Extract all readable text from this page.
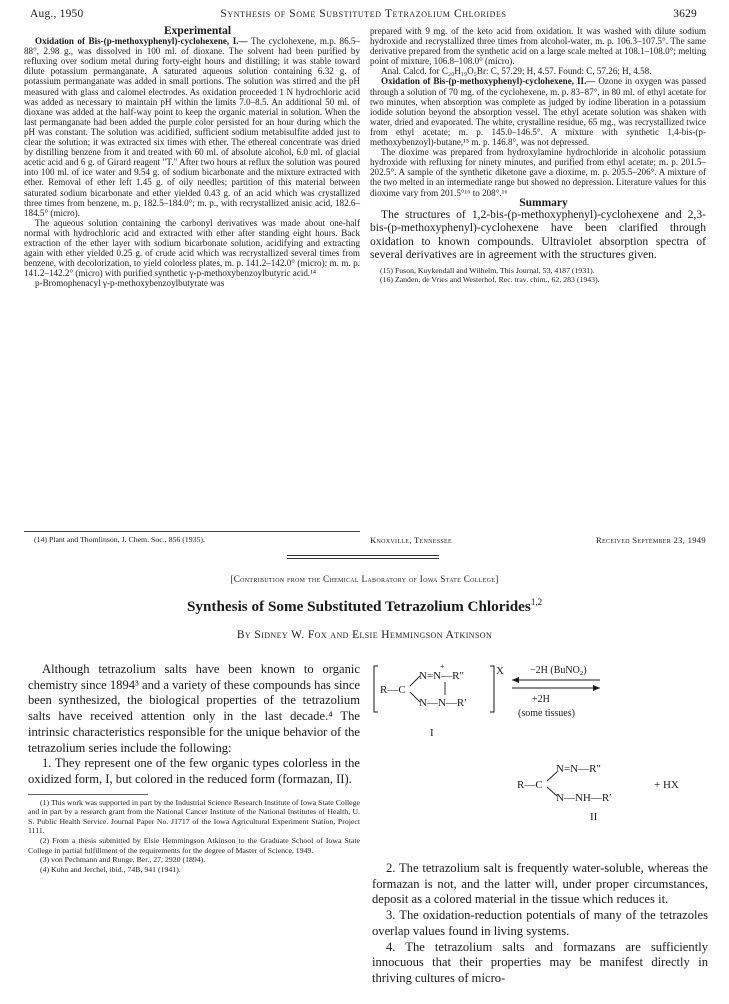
Aug., 1950	Synthesis of Some Substituted Tetrazolium Chlorides	3629

Experimental

Oxidation of Bis-(p-methoxyphenyl)-cyclohexene, I.— The cyclohexene, m.p. 86.5–88°, 2.98 g., was dissolved in 100 ml. of dioxane. The solvent had been purified by refluxing over sodium metal during forty-eight hours and distilling; it was stable toward dilute potassium permanganate. A saturated aqueous solution containing 6.32 g. of potassium permanganate was added in small portions. The solution was stirred and the pH measured with glass and calomel electrodes. As oxidation proceeded 1 N hydrochloric acid was added as necessary to maintain pH within the limits 7.0–8.5. An additional 50 ml. of dioxane was added at the half-way point to keep the organic material in solution. When the last permanganate had been added the purple color persisted for an hour during which the pH was constant. The solution was acidified, sufficient sodium metabisulfite added just to clear the solution; it was extracted six times with ether. The ethereal concentrate was dried by distilling benzene from it and treated with 60 ml. of absolute alcohol, 6.0 ml. of glacial acetic acid and 6 g. of Girard reagent "T." After two hours at reflux the solution was poured into 100 ml. of ice water and 9.54 g. of sodium bicarbonate and the mixture extracted with ether. Removal of ether left 1.45 g. of oily needles; partition of this material between saturated sodium bicarbonate and ether yielded 0.43 g. of an acid which was crystallized three times from benzene, m. p. 182.5–184.0°; m. p., with recrystallized anisic acid, 182.6–184.5° (micro).

The aqueous solution containing the carbonyl derivatives was made about one-half normal with hydrochloric acid and extracted with ether after standing eight hours. Back extraction of the ether layer with sodium bicarbonate solution, acidifying and extracting again with ether yielded 0.25 g. of crude acid which was recrystallized several times from benzene, with decolorization, to yield colorless plates, m. p. 141.2–142.0° (micro): m. m. p. 141.2–142.2° (micro) with purified synthetic γ-p-methoxybenzoylbutyric acid.¹⁴

p-Bromophenacyl γ-p-methoxybenzoylbutyrate was

(14) Plant and Thomlinson, J. Chem. Soc., 856 (1935).

prepared with 9 mg. of the keto acid from oxidation. It was washed with dilute sodium hydroxide and recrystallized three times from alcohol-water, m. p. 106.3–107.5°. The same derivative prepared from the synthetic acid on a large scale melted at 108.1–108.0°; melting point of mixture, 106.8–108.0° (micro).

Anal. Calcd. for C₂₀H₁₉O₅Br: C, 57.29; H, 4.57. Found: C, 57.26; H, 4.58.

Oxidation of Bis-(p-methoxyphenyl)-cyclohexene, II.— Ozone in oxygen was passed through a solution of 70 mg. of the cyclohexene, m. p. 83–87°, in 80 ml. of ethyl acetate for two minutes, when absorption was complete as judged by iodine liberation in a potassium iodide solution beyond the absorption vessel. The ethyl acetate solution was shaken with water, dried and evaporated. The white, crystalline residue, 65 mg., was recrystallized twice from ethyl acetate; m. p. 145.0–146.5°. A mixture with synthetic 1,4-bis-(p-methoxybenzoyl)-butane,¹⁵ m. p. 146.8°, was not depressed.

The dioxime was prepared from hydroxylamine hydrochloride in alcoholic potassium hydroxide with refluxing for ninety minutes, and purified from ethyl acetate; m. p. 201.5–202.5°. A sample of the synthetic diketone gave a dioxime, m. p. 205.5–206°. A mixture of the two melted in an intermediate range but showed no depression. Literature values for this dioxime vary from 201.5°¹⁶ to 208°.¹⁶

Summary

The structures of 1,2-bis-(p-methoxyphenyl)-cyclohexene and 2,3-bis-(p-methoxyphenyl)-cyclohexene have been clarified through oxidation to known compounds. Ultraviolet absorption spectra of several derivatives are in agreement with the structures given.

(15) Fuson, Kuykendall and Wilhelm, This Journal, 53, 4187 (1931).

(16) Zanden, de Vries and Westerhof, Rec. trav. chim., 62, 283 (1943).

Knoxville, Tennessee	Received September 23, 1949
[Contribution from the Chemical Laboratory of Iowa State College]
Synthesis of Some Substituted Tetrazolium Chlorides$^{1,2}$
By Sidney W. Fox and Elsie Hemmingson Atkinson

Although tetrazolium salts have been known to organic chemistry since 1894³ and a variety of these compounds has since been synthesized, the biological properties of the tetrazolium salts have received attention only in the last decade.⁴ The intrinsic characteristics responsible for the unique behavior of the tetrazolium series include the following:

1. They represent one of the few organic types colorless in the oxidized form, I, but colored in the reduced form (formazan, II).

(1) This work was supported in part by the Industrial Science Research Institute of Iowa State College and in part by a research grant from the National Cancer Institute of the National Institutes of Health, U. S. Public Health Service. Journal Paper No. J1717 of the Iowa Agricultural Experiment Station, Project 1111.

(2) From a thesis submitted by Elsie Hemmingson Atkinson to the Graduate School of Iowa State College in partial fulfillment of the requirements for the degree of Master of Science, 1949.

(3) von Pechmann and Runge, Ber., 27, 2920 (1894).

(4) Kuhn and Jerchel, ibid., 74B, 941 (1941).

R—C
N=N—R″
+
N—N—R′
X	−2H (BuNO₂)
+2H
(some tissues)
I
R—C
N=N—R″
N—NH—R′
+ HX
II

2. The tetrazolium salt is frequently water-soluble, whereas the formazan is not, and the latter will, under proper circumstances, deposit as a colored material in the tissue which reduces it.

3. The oxidation-reduction potentials of many of the tetrazoles overlap values found in living systems.

4. The tetrazolium salts and formazans are sufficiently innocuous that their properties may be manifest directly in thriving cultures of micro-
